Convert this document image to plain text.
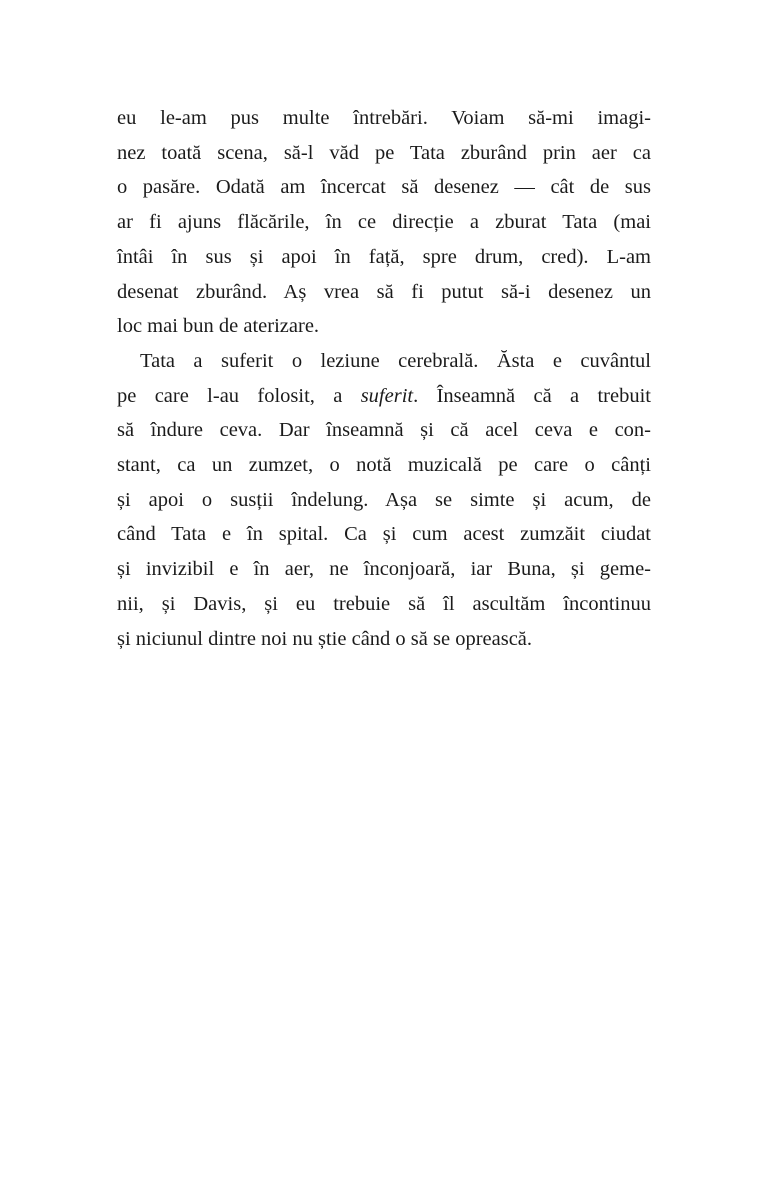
eu le-am pus multe întrebări. Voiam să-mi imagi-
nez toată scena, să-l văd pe Tata zburând prin aer ca
o pasăre. Odată am încercat să desenez — cât de sus
ar fi ajuns flăcările, în ce direcție a zburat Tata (mai
întâi în sus și apoi în față, spre drum, cred). L-am
desenat zburând. Aș vrea să fi putut să-i desenez un
loc mai bun de aterizare.
Tata a suferit o leziune cerebrală. Ăsta e cuvântul
pe care l-au folosit, a suferit. Înseamnă că a trebuit
să îndure ceva. Dar înseamnă și că acel ceva e con-
stant, ca un zumzet, o notă muzicală pe care o cânți
și apoi o susții îndelung. Așa se simte și acum, de
când Tata e în spital. Ca și cum acest zumzăit ciudat
și invizibil e în aer, ne înconjoară, iar Buna, și geme-
nii, și Davis, și eu trebuie să îl ascultăm încontinuu
și niciunul dintre noi nu știe când o să se oprească.
